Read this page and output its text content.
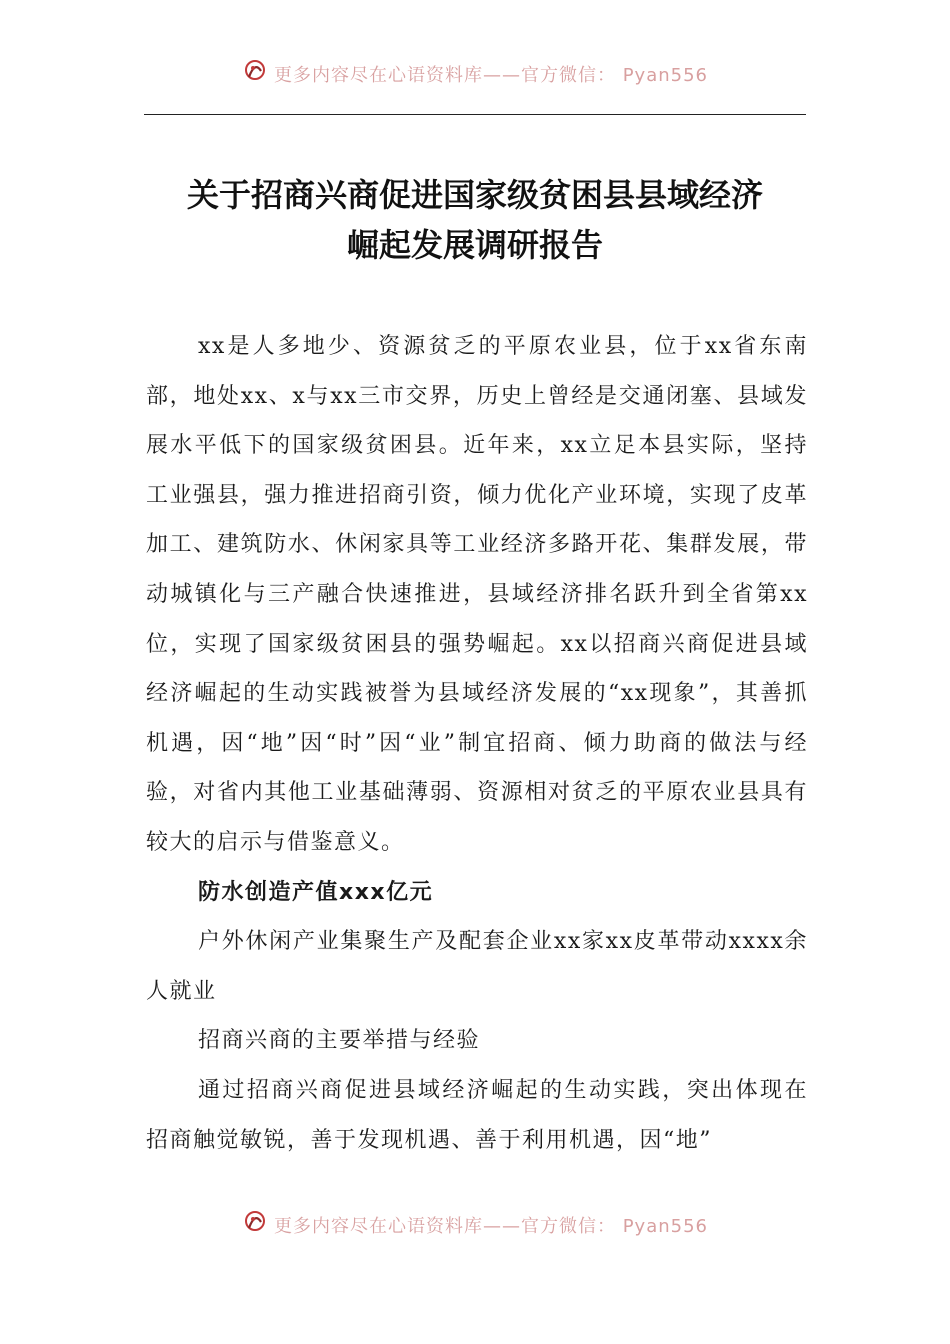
更多内容尽在心语资料库——官方微信： Pyan556
关于招商兴商促进国家级贫困县县域经济
崛起发展调研报告

xx是人多地少、资源贫乏的平原农业县，位于xx省东南部，地处xx、x与xx三市交界，历史上曾经是交通闭塞、县域发展水平低下的国家级贫困县。近年来，xx立足本县实际，坚持工业强县，强力推进招商引资，倾力优化产业环境，实现了皮革加工、建筑防水、休闲家具等工业经济多路开花、集群发展，带动城镇化与三产融合快速推进，县域经济排名跃升到全省第xx位，实现了国家级贫困县的强势崛起。xx以招商兴商促进县域经济崛起的生动实践被誉为县域经济发展的“xx现象”，其善抓机遇，因“地”因“时”因“业”制宜招商、倾力助商的做法与经验，对省内其他工业基础薄弱、资源相对贫乏的平原农业县具有较大的启示与借鉴意义。

防水创造产值xxx亿元

户外休闲产业集聚生产及配套企业xx家xx皮革带动xxxx余人就业

招商兴商的主要举措与经验

通过招商兴商促进县域经济崛起的生动实践，突出体现在招商触觉敏锐，善于发现机遇、善于利用机遇，因“地”

更多内容尽在心语资料库——官方微信： Pyan556
